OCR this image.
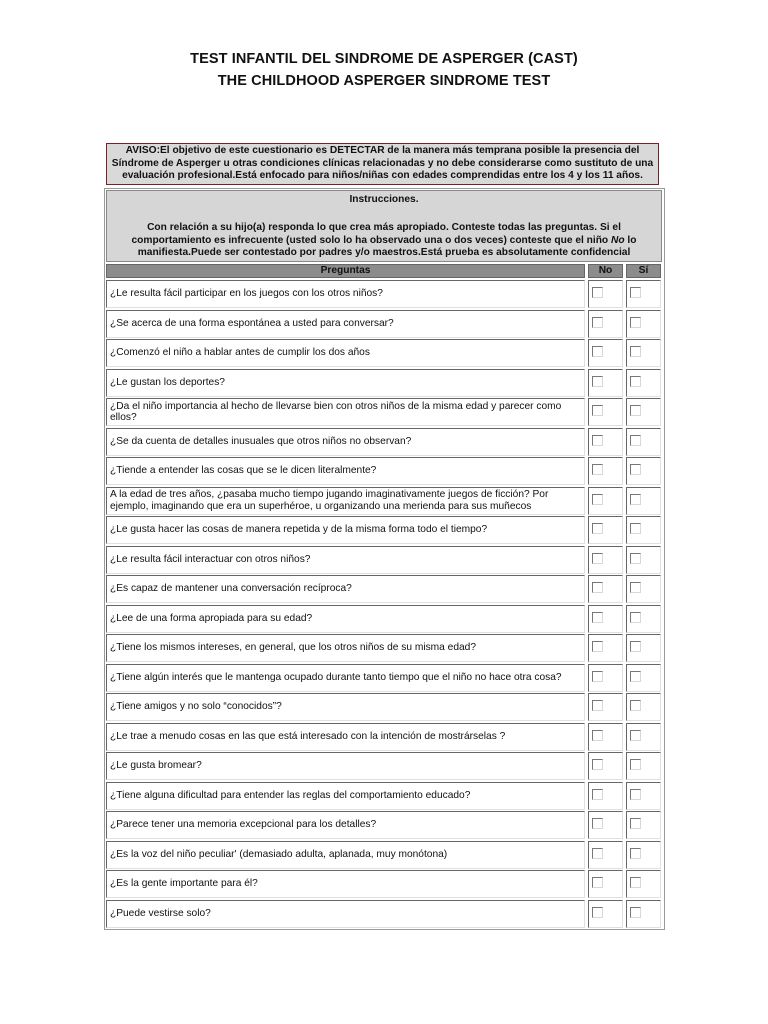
TEST INFANTIL DEL SINDROME DE ASPERGER (CAST)
THE CHILDHOOD ASPERGER SINDROME TEST
AVISO:El objetivo de este cuestionario es DETECTAR de la manera más temprana posible la presencia del Síndrome de Asperger u otras condiciones clínicas relacionadas y no debe considerarse como sustituto de una evaluación profesional.Está enfocado para niños/niñas con edades comprendidas entre los 4 y los 11 años.
Instrucciones.
Con relación a su hijo(a) responda lo que crea más apropiado. Conteste todas las preguntas. Si el comportamiento es infrecuente (usted solo lo ha observado una o dos veces) conteste que el niño No lo manifiesta.Puede ser contestado por padres y/o maestros.Está prueba es absolutamente confidencial
Preguntas	No	Sí
¿Le resulta fácil participar en los juegos con los otros niños?
¿Se acerca de una forma espontánea a usted para conversar?
¿Comenzó el niño a hablar antes de cumplir los dos años
¿Le gustan los deportes?
¿Da el niño importancia al hecho de llevarse bien con otros niños de la misma edad y parecer como ellos?
¿Se da cuenta de detalles inusuales que otros niños no observan?
¿Tiende a entender las cosas que se le dicen literalmente?
A la edad de tres años, ¿pasaba mucho tiempo jugando imaginativamente juegos de ficción? Por ejemplo, imaginando que era un superhéroe, u organizando una merienda para sus muñecos
¿Le gusta hacer las cosas de manera repetida y de la misma forma todo el tiempo?
¿Le resulta fácil interactuar con otros niños?
¿Es capaz de mantener una conversación recíproca?
¿Lee de una forma apropiada para su edad?
¿Tiene los mismos intereses, en general, que los otros niños de su misma edad?
¿Tiene algún interés que le mantenga ocupado durante tanto tiempo que el niño no hace otra cosa?
¿Tiene amigos y no solo “conocidos”?
¿Le trae a menudo cosas en las que está interesado con la intención de mostrárselas ?
¿Le gusta bromear?
¿Tiene alguna dificultad para entender las reglas del comportamiento educado?
¿Parece tener una memoria excepcional para los detalles?
¿Es la voz del niño peculiar' (demasiado adulta, aplanada, muy monótona)
¿Es la gente importante para él?
¿Puede vestirse solo?
